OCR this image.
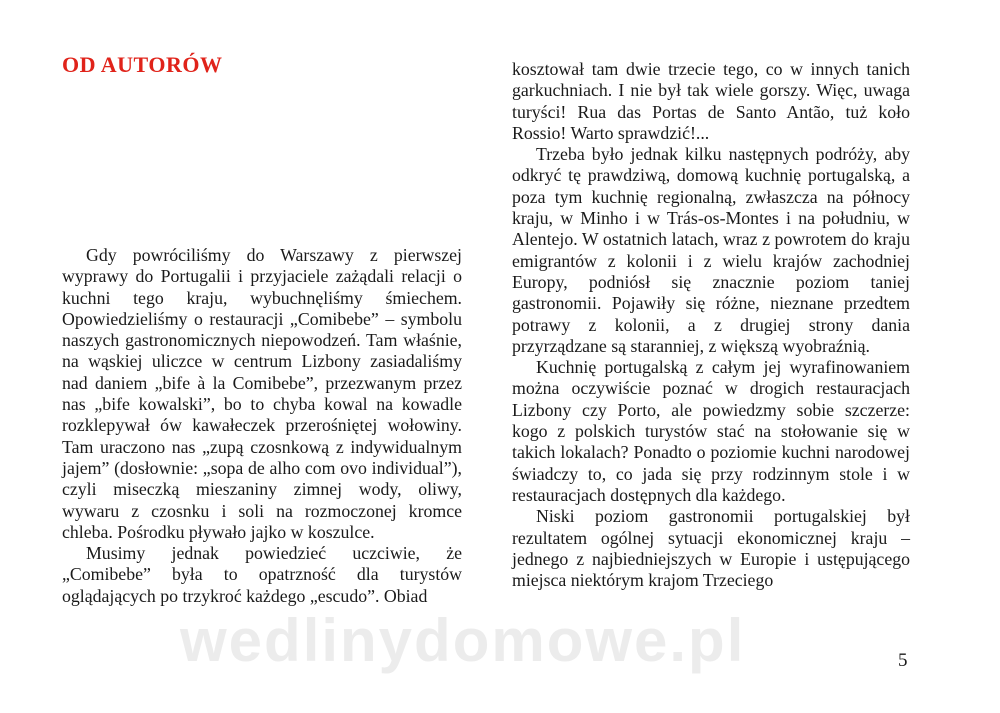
OD AUTORÓW

Gdy powróciliśmy do Warszawy z pierwszej wyprawy do Portugalii i przyjaciele zażądali relacji o kuchni tego kraju, wybuchnęliśmy śmiechem. Opowiedzieliśmy o restauracji „Comibebe” – symbolu naszych gastronomicznych niepowodzeń. Tam właśnie, na wąskiej uliczce w centrum Lizbony zasiadaliśmy nad daniem „bife à la Comibebe”, przezwanym przez nas „bife kowalski”, bo to chyba kowal na kowadle rozklepywał ów kawałeczek przerośniętej wołowiny. Tam uraczono nas „zupą czosnkową z indywidualnym jajem” (dosłownie: „sopa de alho com ovo individual”), czyli miseczką mieszaniny zimnej wody, oliwy, wywaru z czosnku i soli na rozmoczonej kromce chleba. Pośrodku pływało jajko w koszulce.

Musimy jednak powiedzieć uczciwie, że „Comibebe” była to opatrzność dla turystów oglądających po trzykroć każdego „escudo”. Obiad

kosztował tam dwie trzecie tego, co w innych tanich garkuchniach. I nie był tak wiele gorszy. Więc, uwaga turyści! Rua das Portas de Santo Antão, tuż koło Rossio! Warto sprawdzić!...

Trzeba było jednak kilku następnych podróży, aby odkryć tę prawdziwą, domową kuchnię portugalską, a poza tym kuchnię regionalną, zwłaszcza na północy kraju, w Minho i w Trás-os-Montes i na południu, w Alentejo. W ostatnich latach, wraz z powrotem do kraju emigrantów z kolonii i z wielu krajów zachodniej Europy, podniósł się znacznie poziom taniej gastronomii. Pojawiły się różne, nieznane przedtem potrawy z kolonii, a z drugiej strony dania przyrządzane są staranniej, z większą wyobraźnią.

Kuchnię portugalską z całym jej wyrafinowaniem można oczywiście poznać w drogich restauracjach Lizbony czy Porto, ale powiedzmy sobie szczerze: kogo z polskich turystów stać na stołowanie się w takich lokalach? Ponadto o poziomie kuchni narodowej świadczy to, co jada się przy rodzinnym stole i w restauracjach dostępnych dla każdego.

Niski poziom gastronomii portugalskiej był rezultatem ogólnej sytuacji ekonomicznej kraju – jednego z najbiedniejszych w Europie i ustępującego miejsca niektórym krajom Trzeciego

wedlinydomowe.pl	5
